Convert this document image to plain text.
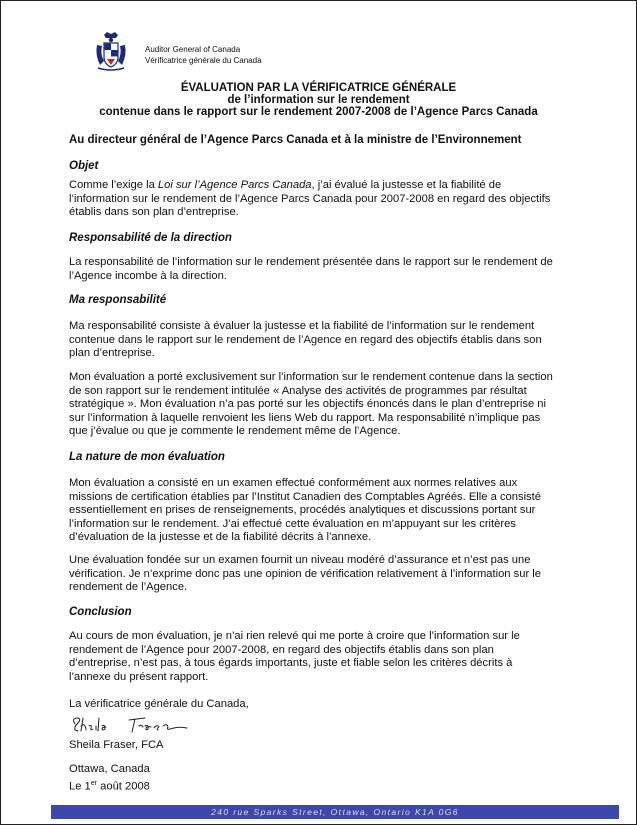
Auditor General of Canada
Vérificatrice générale du Canada
ÉVALUATION PAR LA VÉRIFICATRICE GÉNÉRALE
de l’information sur le rendement
contenue dans le rapport sur le rendement 2007-2008 de l’Agence Parcs Canada
Au directeur général de l’Agence Parcs Canada et à la ministre de l’Environnement
Objet
Comme l’exige la Loi sur l’Agence Parcs Canada, j’ai évalué la justesse et la fiabilité de
l’information sur le rendement de l’Agence Parcs Canada pour 2007-2008 en regard des objectifs
établis dans son plan d’entreprise.
Responsabilité de la direction
La responsabilité de l’information sur le rendement présentée dans le rapport sur le rendement de
l’Agence incombe à la direction.
Ma responsabilité
Ma responsabilité consiste à évaluer la justesse et la fiabilité de l’information sur le rendement
contenue dans le rapport sur le rendement de l’Agence en regard des objectifs établis dans son
plan d’entreprise.
Mon évaluation a porté exclusivement sur l’information sur le rendement contenue dans la section
de son rapport sur le rendement intitulée « Analyse des activités de programmes par résultat
stratégique ». Mon évaluation n’a pas porté sur les objectifs énoncés dans le plan d’entreprise ni
sur l’information à laquelle renvoient les liens Web du rapport. Ma responsabilité n’implique pas
que j’évalue ou que je commente le rendement même de l’Agence.
La nature de mon évaluation
Mon évaluation a consisté en un examen effectué conformément aux normes relatives aux
missions de certification établies par l’Institut Canadien des Comptables Agréés. Elle a consisté
essentiellement en prises de renseignements, procédés analytiques et discussions portant sur
l’information sur le rendement. J’ai effectué cette évaluation en m’appuyant sur les critères
d’évaluation de la justesse et de la fiabilité décrits à l’annexe.
Une évaluation fondée sur un examen fournit un niveau modéré d’assurance et n’est pas une
vérification. Je n’exprime donc pas une opinion de vérification relativement à l’information sur le
rendement de l’Agence.
Conclusion
Au cours de mon évaluation, je n’ai rien relevé qui me porte à croire que l’information sur le
rendement de l’Agence pour 2007-2008, en regard des objectifs établis dans son plan
d’entreprise, n’est pas, à tous égards importants, juste et fiable selon les critères décrits à
l’annexe du présent rapport.
La vérificatrice générale du Canada,
Sheila Fraser, FCA
Ottawa, Canada
Le 1er août 2008
240 rue Sparks Street, Ottawa, Ontario K1A 0G6
